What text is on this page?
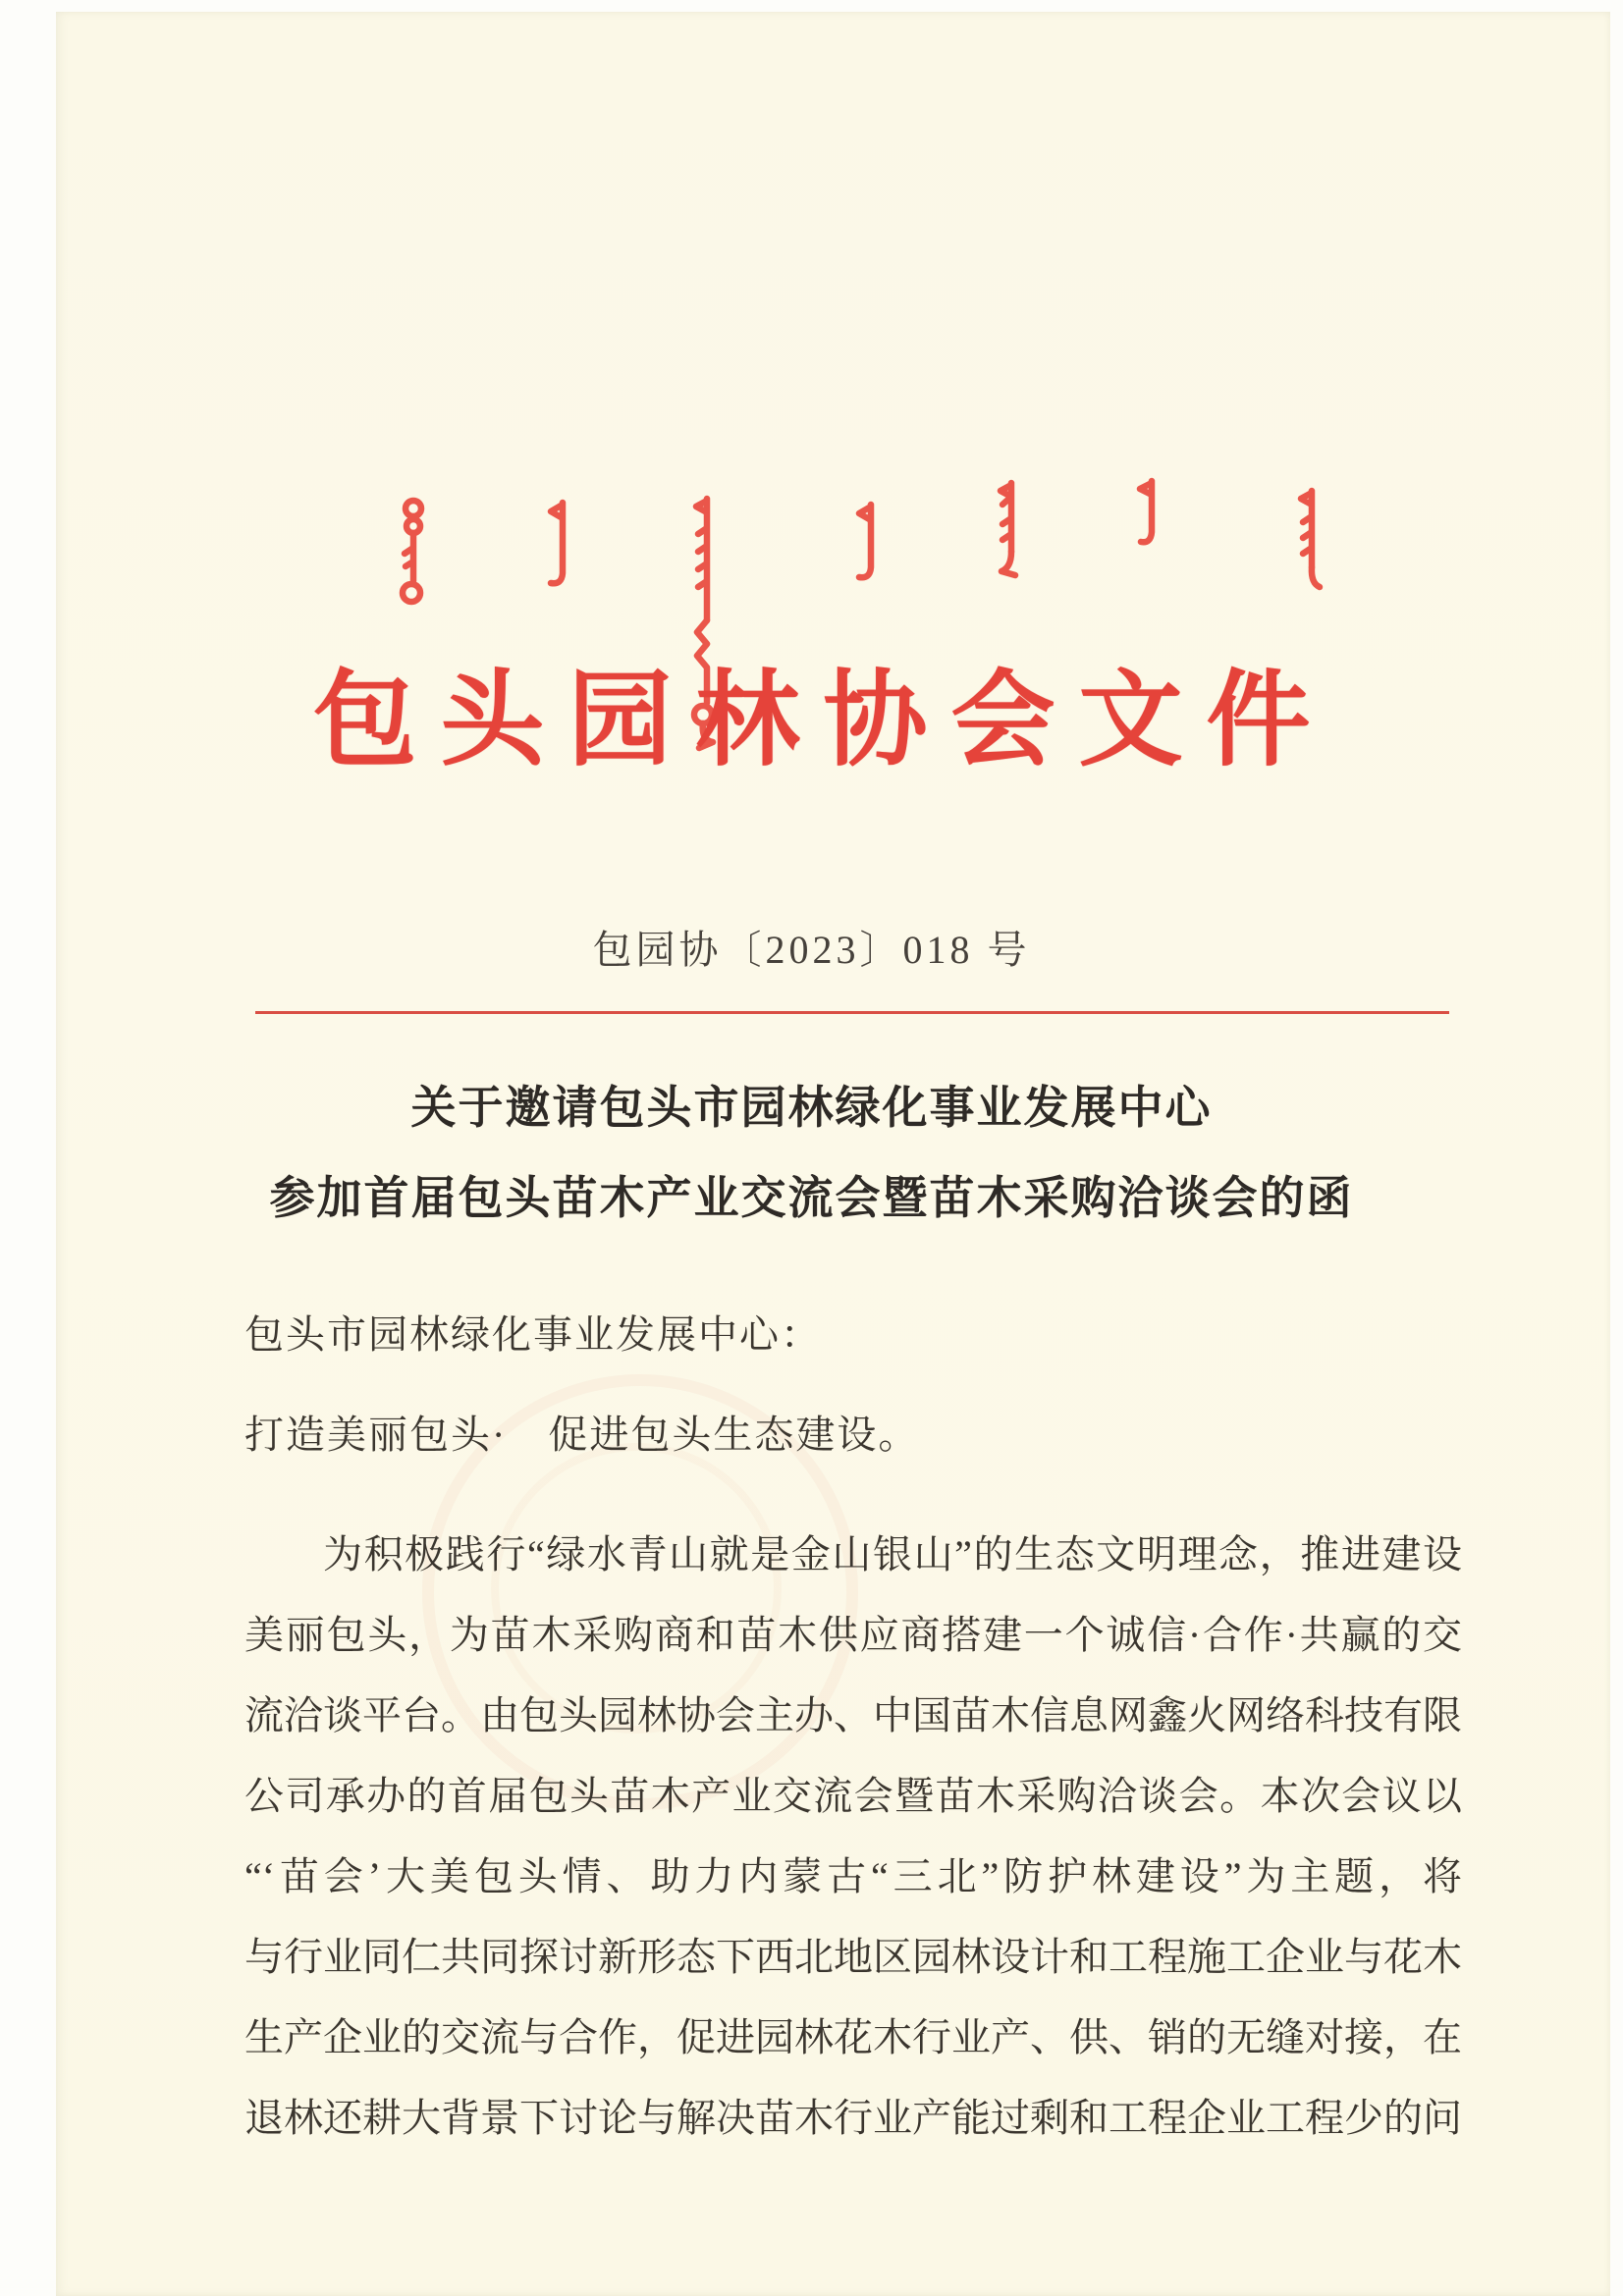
包头园林协会文件
包园协〔2023〕018 号
关于邀请包头市园林绿化事业发展中心
参加首届包头苗木产业交流会暨苗木采购洽谈会的函
包头市园林绿化事业发展中心：
打造美丽包头·　促进包头生态建设。
为积极践行“绿水青山就是金山银山”的生态文明理念，推进建设
美丽包头，为苗木采购商和苗木供应商搭建一个诚信·合作·共赢的交
流洽谈平台。由包头园林协会主办、中国苗木信息网鑫火网络科技有限
公司承办的首届包头苗木产业交流会暨苗木采购洽谈会。本次会议以
“‘苗会’大美包头情、助力内蒙古“三北”防护林建设”为主题，将
与行业同仁共同探讨新形态下西北地区园林设计和工程施工企业与花木
生产企业的交流与合作，促进园林花木行业产、供、销的无缝对接，在
退林还耕大背景下讨论与解决苗木行业产能过剩和工程企业工程少的问
